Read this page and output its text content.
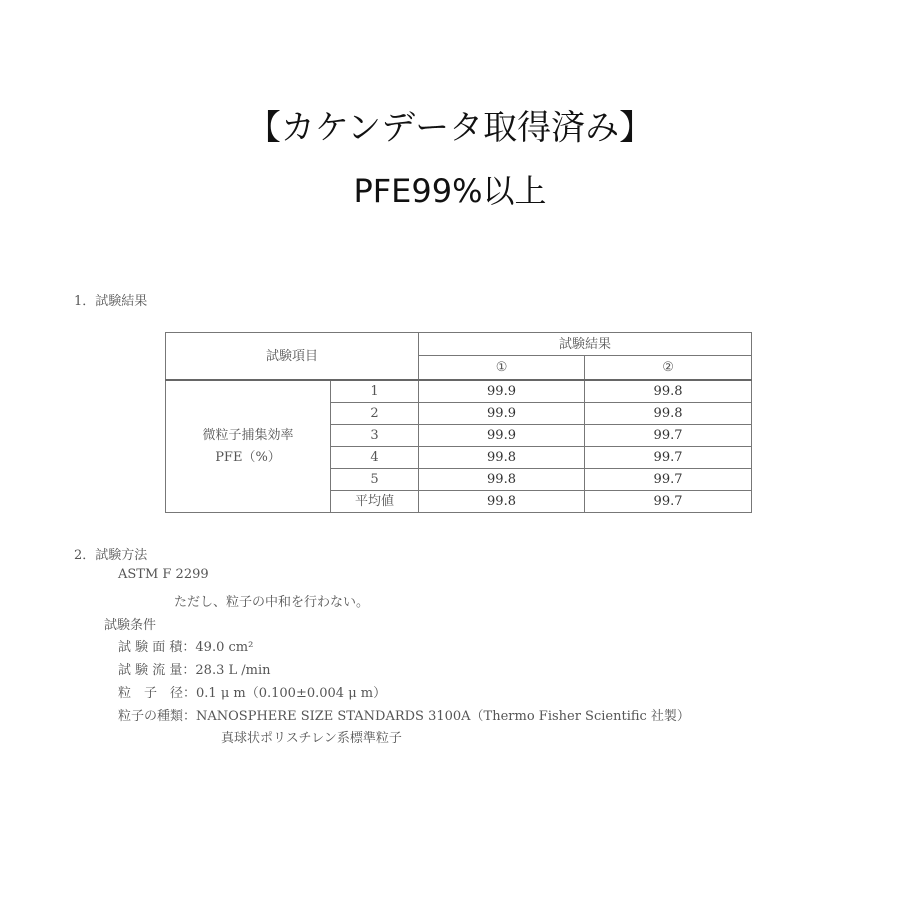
【カケンデータ取得済み】
PFE99%以上
1．試験結果
試験項目		試験結果	
		①	②

微粒子捕集効率
PFE（%）	1	99.9	99.8
	2	99.9	99.8
	3	99.9	99.7
	4	99.8	99.7
	5	99.8	99.7
	平均値	99.8	99.7
2．試験方法
ASTM F 2299
ただし、粒子の中和を行わない。
試験条件
試 験 面 積：49.0 cm²
試 験 流 量：28.3 L /min
粒　子　径：0.1 μ m（0.100±0.004 μ m）
粒子の種類：NANOSPHERE SIZE STANDARDS 3100A（Thermo Fisher Scientific 社製）
真球状ポリスチレン系標準粒子
